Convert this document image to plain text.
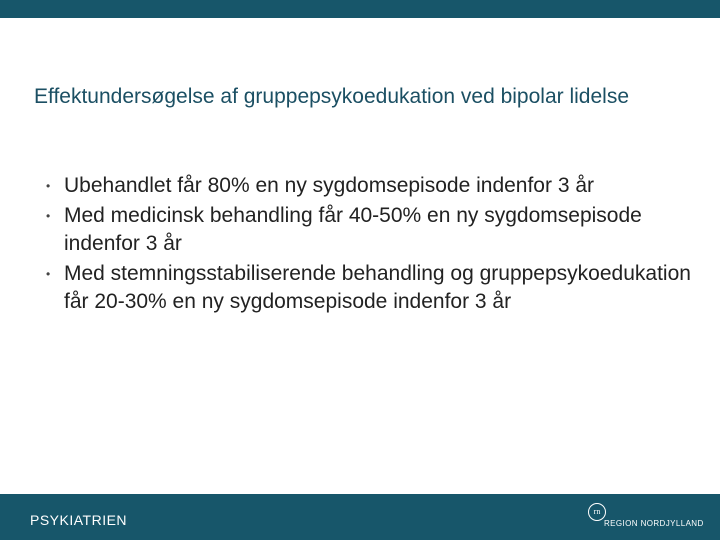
Effektundersøgelse af gruppepsykoedukation ved bipolar lidelse
• Ubehandlet får 80% en ny sygdomsepisode indenfor 3 år
• Med medicinsk behandling får 40-50% en ny sygdomsepisode indenfor 3 år
• Med stemningsstabiliserende behandling og gruppepsykoedukation får 20-30% en ny sygdomsepisode indenfor 3 år
PSYKIATRIEN
rn
REGION NORDJYLLAND
